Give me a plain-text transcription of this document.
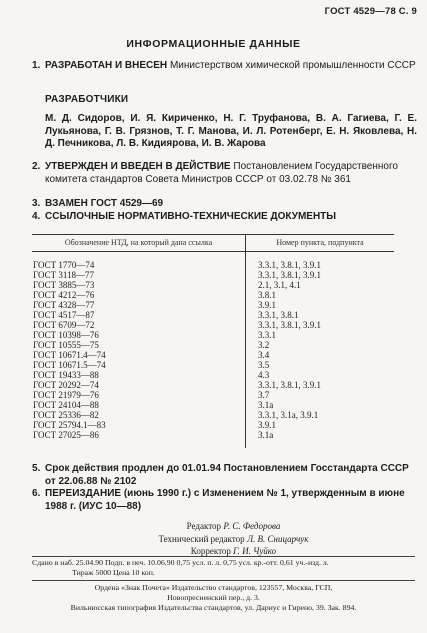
ГОСТ 4529—78 С. 9
ИНФОРМАЦИОННЫЕ ДАННЫЕ
1. РАЗРАБОТАН И ВНЕСЕН Министерством химической промышленности СССР
РАЗРАБОТЧИКИ
М. Д. Сидоров, И. Я. Кириченко, Н. Г. Труфанова, В. А. Гагиева, Г. Е. Лукьянова, Г. В. Грязнов, Т. Г. Манова, И. Л. Ротенберг, Е. Н. Яковлева, Н. Д. Печникова, Л. В. Кидиярова, И. В. Жарова
2. УТВЕРЖДЕН И ВВЕДЕН В ДЕЙСТВИЕ Постановлением Государственного комитета стандартов Совета Министров СССР от 03.02.78 № 361
3. ВЗАМЕН ГОСТ 4529—69
4. ССЫЛОЧНЫЕ НОРМАТИВНО-ТЕХНИЧЕСКИЕ ДОКУМЕНТЫ
Обозначение НТД, на который дана ссылка	Номер пункта, подпункта

ГОСТ 1770—74	3.3.1, 3.8.1, 3.9.1
ГОСТ 3118—77	3.3.1, 3.8.1, 3.9.1
ГОСТ 3885—73	2.1, 3.1, 4.1
ГОСТ 4212—76	3.8.1
ГОСТ 4328—77	3.9.1
ГОСТ 4517—87	3.3.1, 3.8.1
ГОСТ 6709—72	3.3.1, 3.8.1, 3.9.1
ГОСТ 10398—76	3.3.1
ГОСТ 10555—75	3.2
ГОСТ 10671.4—74	3.4
ГОСТ 10671.5—74	3.5
ГОСТ 19433—88	4.3
ГОСТ 20292—74	3.3.1, 3.8.1, 3.9.1
ГОСТ 21979—76	3.7
ГОСТ 24104—88	3.1a
ГОСТ 25336—82	3.3.1, 3.1a, 3.9.1
ГОСТ 25794.1—83	3.9.1
ГОСТ 27025—86	3.1a

5. Срок действия продлен до 01.01.94 Постановлением Госстандарта СССР от 22.06.88 № 2102
6. ПЕРЕИЗДАНИЕ (июнь 1990 г.) с Изменением № 1, утвержденным в июне 1988 г. (ИУС 10—88)
Редактор Р. С. Федорова
Технический редактор Л. В. Сницарчук
Корректор Г. И. Чуйко
Сдано в наб. 25.04.90 Подп. в печ. 10.06.90 0,75 усл. п. л. 0,75 усл. кр.-отт. 0,61 уч.-изд. л.
Тираж 5000 Цена 10 коп.
Ордена «Знак Почета» Издательство стандартов, 123557, Москва, ГСП,
Новопресненский пер., д. 3.
Вильнюсская типография Издательства стандартов, ул. Дариус и Гирено, 39. Зак. 894.
